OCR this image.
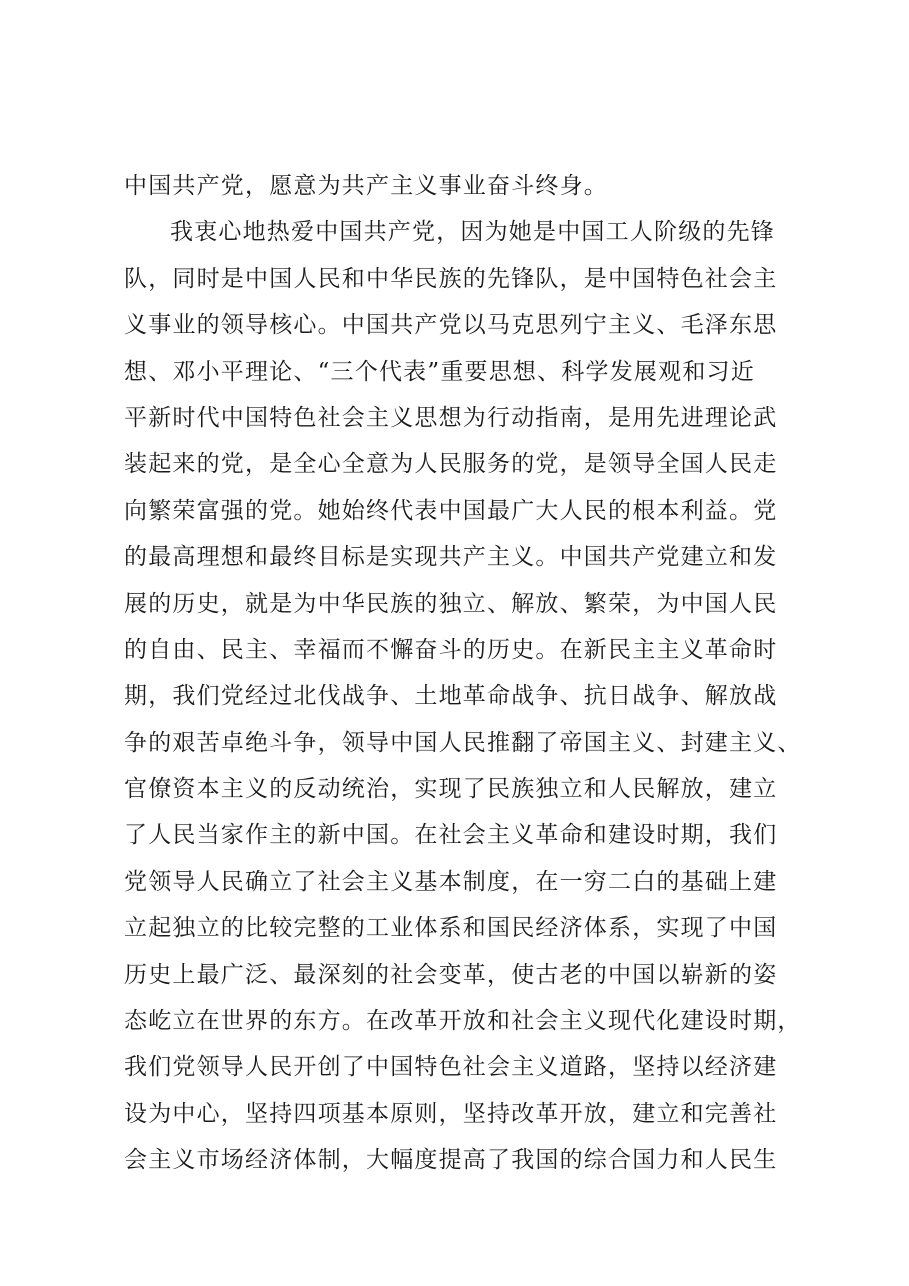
中国共产党，愿意为共产主义事业奋斗终身。
我衷心地热爱中国共产党，因为她是中国工人阶级的先锋
队，同时是中国人民和中华民族的先锋队，是中国特色社会主
义事业的领导核心。中国共产党以马克思列宁主义、毛泽东思
想、邓小平理论、“三个代表”重要思想、科学发展观和习近
平新时代中国特色社会主义思想为行动指南，是用先进理论武
装起来的党，是全心全意为人民服务的党，是领导全国人民走
向繁荣富强的党。她始终代表中国最广大人民的根本利益。党
的最高理想和最终目标是实现共产主义。中国共产党建立和发
展的历史，就是为中华民族的独立、解放、繁荣，为中国人民
的自由、民主、幸福而不懈奋斗的历史。在新民主主义革命时
期，我们党经过北伐战争、土地革命战争、抗日战争、解放战
争的艰苦卓绝斗争，领导中国人民推翻了帝国主义、封建主义、
官僚资本主义的反动统治，实现了民族独立和人民解放，建立
了人民当家作主的新中国。在社会主义革命和建设时期，我们
党领导人民确立了社会主义基本制度，在一穷二白的基础上建
立起独立的比较完整的工业体系和国民经济体系，实现了中国
历史上最广泛、最深刻的社会变革，使古老的中国以崭新的姿
态屹立在世界的东方。在改革开放和社会主义现代化建设时期，
我们党领导人民开创了中国特色社会主义道路，坚持以经济建
设为中心，坚持四项基本原则，坚持改革开放，建立和完善社
会主义市场经济体制，大幅度提高了我国的综合国力和人民生
